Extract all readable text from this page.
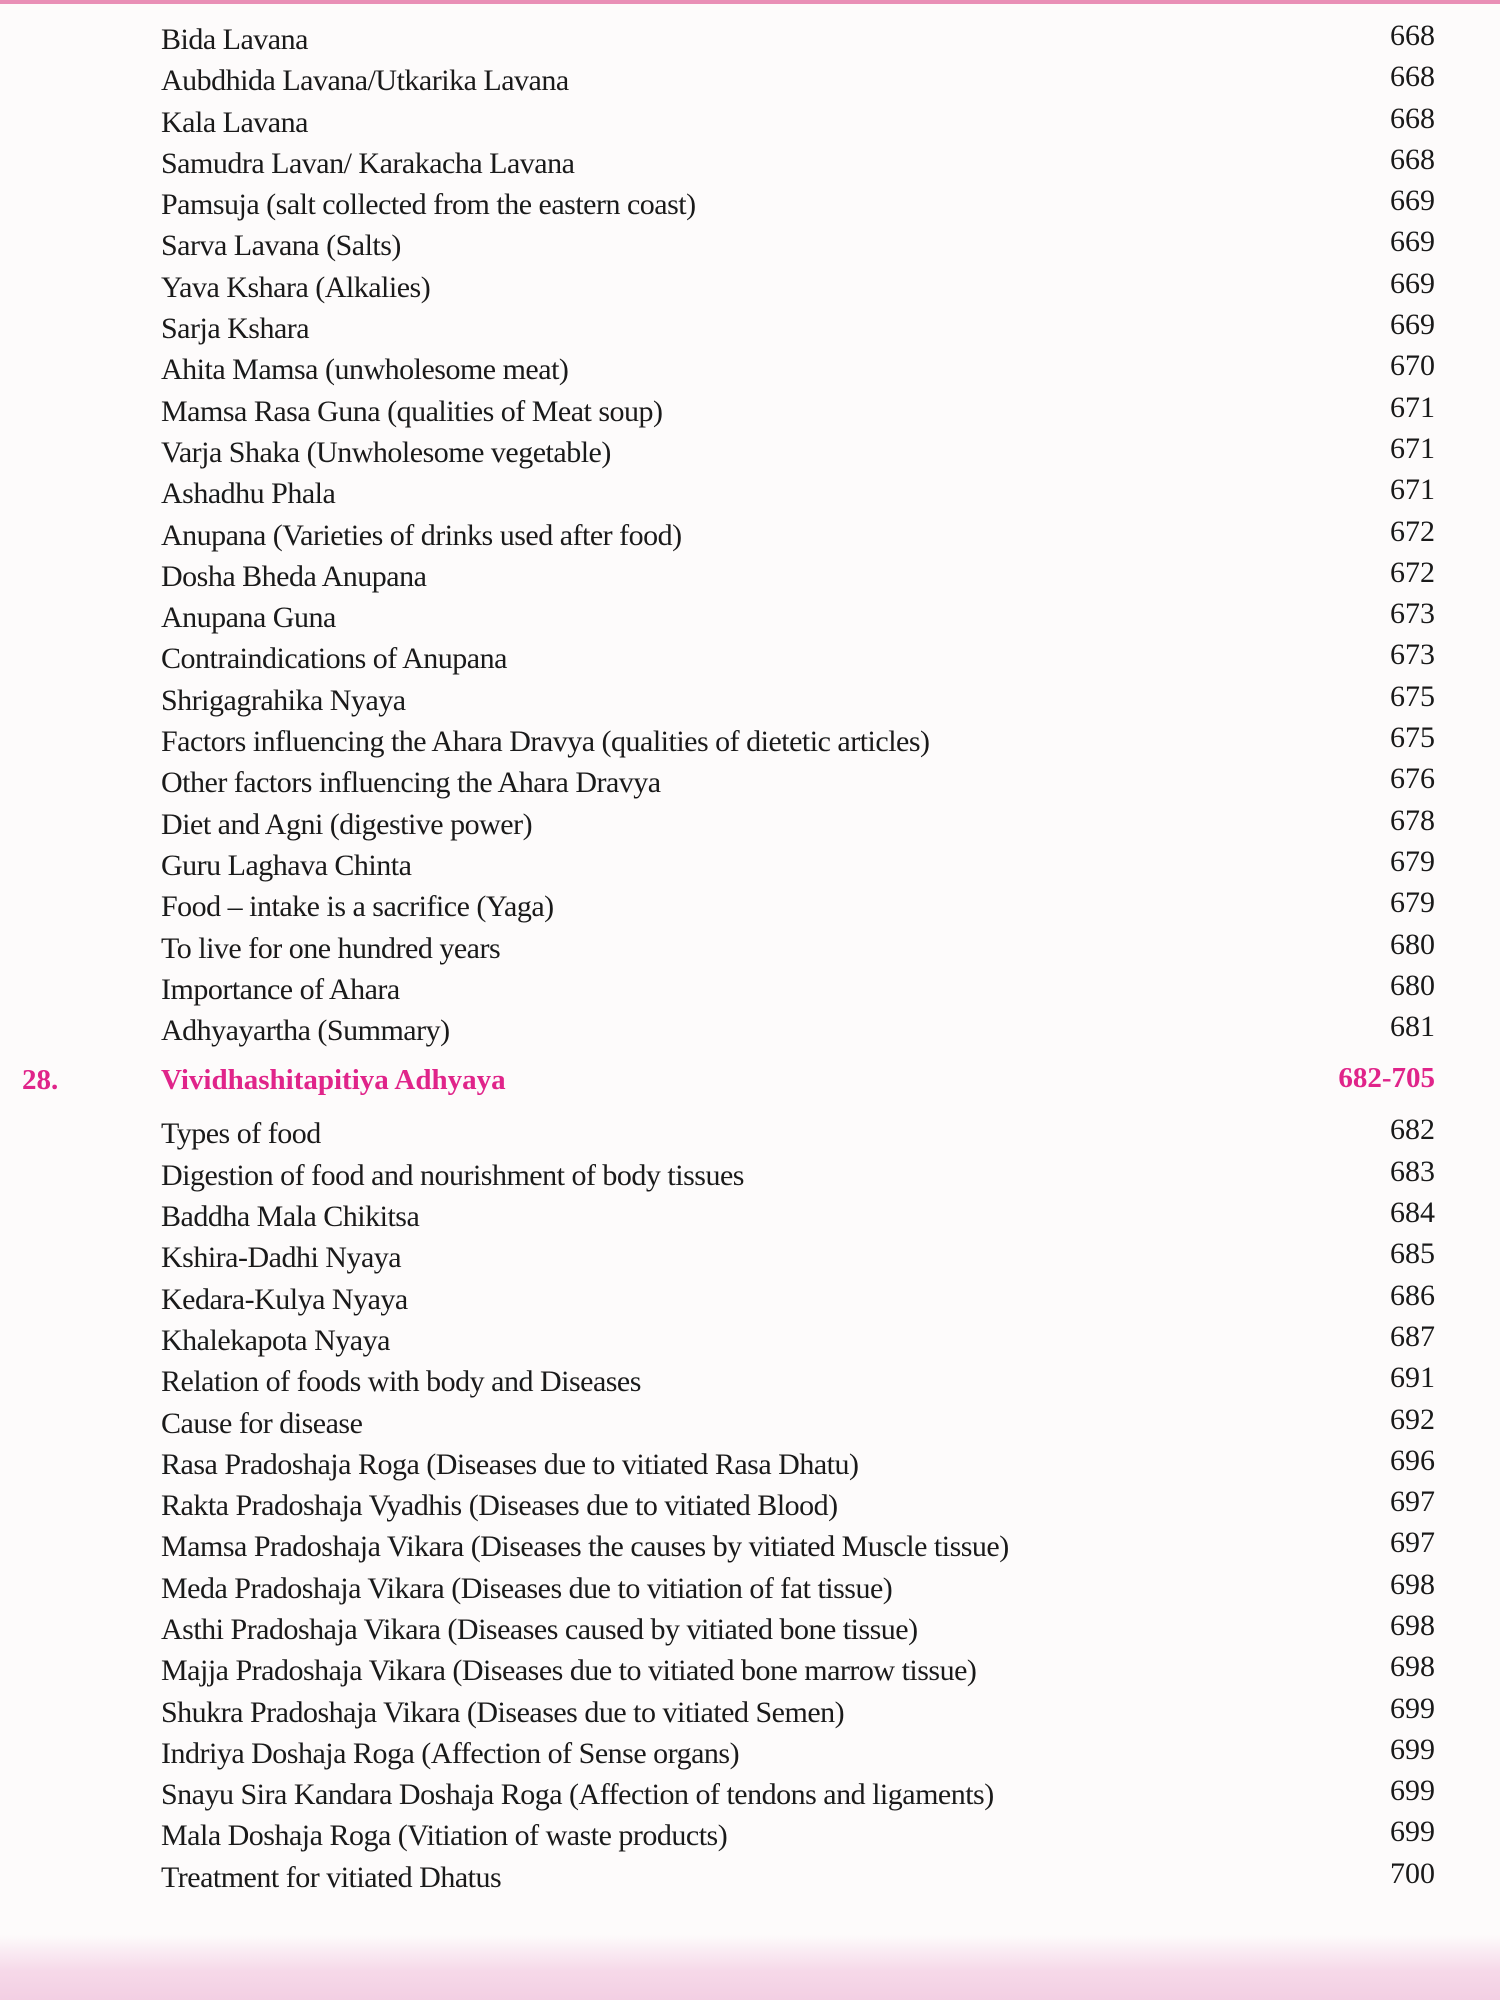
Bida Lavana	668
Aubdhida Lavana/Utkarika Lavana	668
Kala Lavana	668
Samudra Lavan/ Karakacha Lavana	668
Pamsuja (salt collected from the eastern coast)	669
Sarva Lavana (Salts)	669
Yava Kshara (Alkalies)	669
Sarja Kshara	669
Ahita Mamsa (unwholesome meat)	670
Mamsa Rasa Guna (qualities of Meat soup)	671
Varja Shaka (Unwholesome vegetable)	671
Ashadhu Phala	671
Anupana (Varieties of drinks used after food)	672
Dosha Bheda Anupana	672
Anupana Guna	673
Contraindications of Anupana	673
Shrigagrahika Nyaya	675
Factors influencing the Ahara Dravya (qualities of dietetic articles)	675
Other factors influencing the Ahara Dravya	676
Diet and Agni (digestive power)	678
Guru Laghava Chinta	679
Food – intake is a sacrifice (Yaga)	679
To live for one hundred years	680
Importance of Ahara	680
Adhyayartha (Summary)	681
28.	Vividhashitapitiya Adhyaya	682-705
Types of food	682
Digestion of food and nourishment of body tissues	683
Baddha Mala Chikitsa	684
Kshira-Dadhi Nyaya	685
Kedara-Kulya Nyaya	686
Khalekapota Nyaya	687
Relation of foods with body and Diseases	691
Cause for disease	692
Rasa Pradoshaja Roga (Diseases due to vitiated Rasa Dhatu)	696
Rakta Pradoshaja Vyadhis (Diseases due to vitiated Blood)	697
Mamsa Pradoshaja Vikara (Diseases the causes by vitiated Muscle tissue)	697
Meda Pradoshaja Vikara (Diseases due to vitiation of fat tissue)	698
Asthi Pradoshaja Vikara (Diseases caused by vitiated bone tissue)	698
Majja Pradoshaja Vikara (Diseases due to vitiated bone marrow tissue)	698
Shukra Pradoshaja Vikara (Diseases due to vitiated Semen)	699
Indriya Doshaja Roga (Affection of Sense organs)	699
Snayu Sira Kandara Doshaja Roga (Affection of tendons and ligaments)	699
Mala Doshaja Roga (Vitiation of waste products)	699
Treatment for vitiated Dhatus	700
